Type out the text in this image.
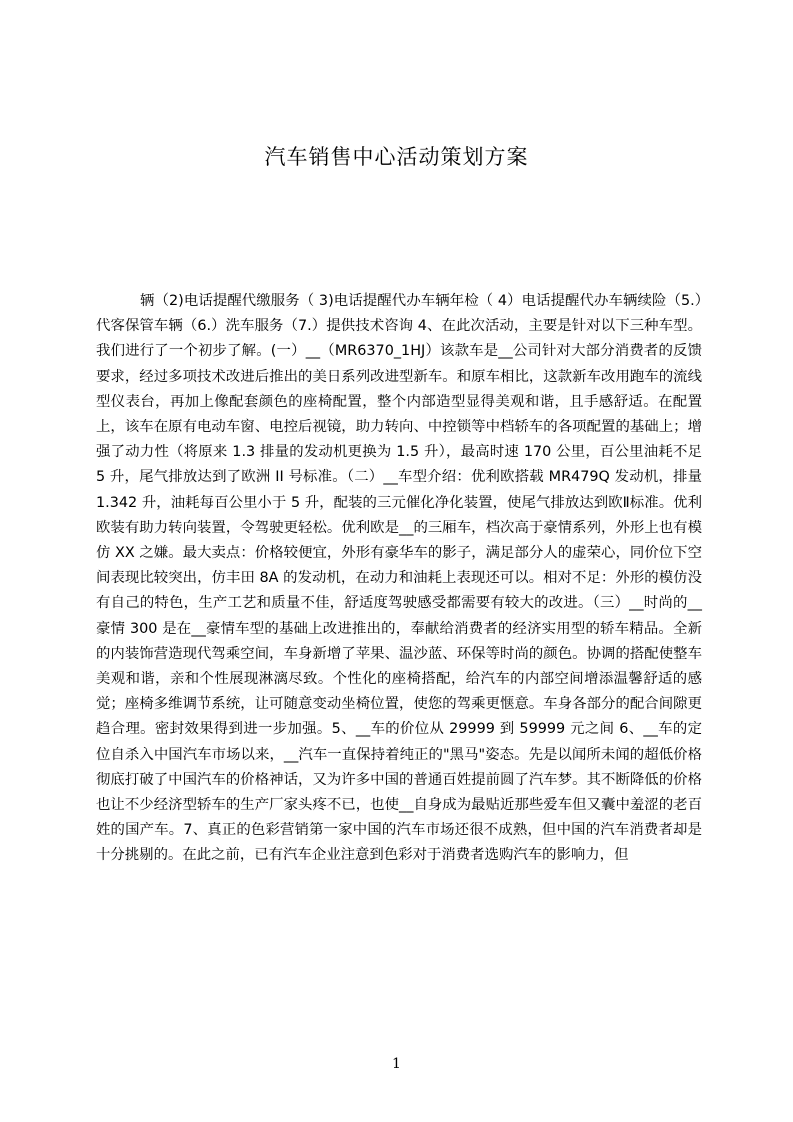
汽车销售中心活动策划方案

辆（2)电话提醒代缴服务（ 3)电话提醒代办车辆年检（ 4）电话提醒代办车辆续险（5.）代客保管车辆（6.）洗车服务（7.）提供技术咨询 4、在此次活动，主要是针对以下三种车型。我们进行了一个初步了解。(一）__（MR6370_1HJ）该款车是__公司针对大部分消费者的反馈要求，经过多项技术改进后推出的美日系列改进型新车。和原车相比，这款新车改用跑车的流线型仪表台，再加上像配套颜色的座椅配置，整个内部造型显得美观和谐，且手感舒适。在配置上，该车在原有电动车窗、电控后视镜，助力转向、中控锁等中档轿车的各项配置的基础上；增强了动力性（将原来 1.3 排量的发动机更换为 1.5 升），最高时速 170 公里，百公里油耗不足 5 升，尾气排放达到了欧洲 II 号标准。（二）__车型介绍：优利欧搭载 MR479Q 发动机，排量 1.342 升，油耗每百公里小于 5 升，配装的三元催化净化装置，使尾气排放达到欧Ⅱ标准。优利欧装有助力转向装置，令驾驶更轻松。优利欧是__的三厢车，档次高于豪情系列，外形上也有模仿 XX 之嫌。最大卖点：价格较便宜，外形有豪华车的影子，满足部分人的虚荣心，同价位下空间表现比较突出，仿丰田 8A 的发动机，在动力和油耗上表现还可以。相对不足：外形的模仿没有自己的特色，生产工艺和质量不佳，舒适度驾驶感受都需要有较大的改进。（三）__时尚的__豪情 300 是在__豪情车型的基础上改进推出的，奉献给消费者的经济实用型的轿车精品。全新的内装饰营造现代驾乘空间，车身新增了苹果、温沙蓝、环保等时尚的颜色。协调的搭配使整车美观和谐，亲和个性展现淋漓尽致。个性化的座椅搭配，给汽车的内部空间增添温馨舒适的感觉；座椅多维调节系统，让可随意变动坐椅位置，使您的驾乘更惬意。车身各部分的配合间隙更趋合理。密封效果得到进一步加强。5、__车的价位从 29999 到 59999 元之间 6、__车的定位自杀入中国汽车市场以来，__汽车一直保持着纯正的"黑马"姿态。先是以闻所未闻的超低价格彻底打破了中国汽车的价格神话，又为许多中国的普通百姓提前圆了汽车梦。其不断降低的价格也让不少经济型轿车的生产厂家头疼不已，也使__自身成为最贴近那些爱车但又囊中羞涩的老百姓的国产车。7、真正的色彩营销第一家中国的汽车市场还很不成熟，但中国的汽车消费者却是十分挑剔的。在此之前，已有汽车企业注意到色彩对于消费者选购汽车的影响力，但

1
